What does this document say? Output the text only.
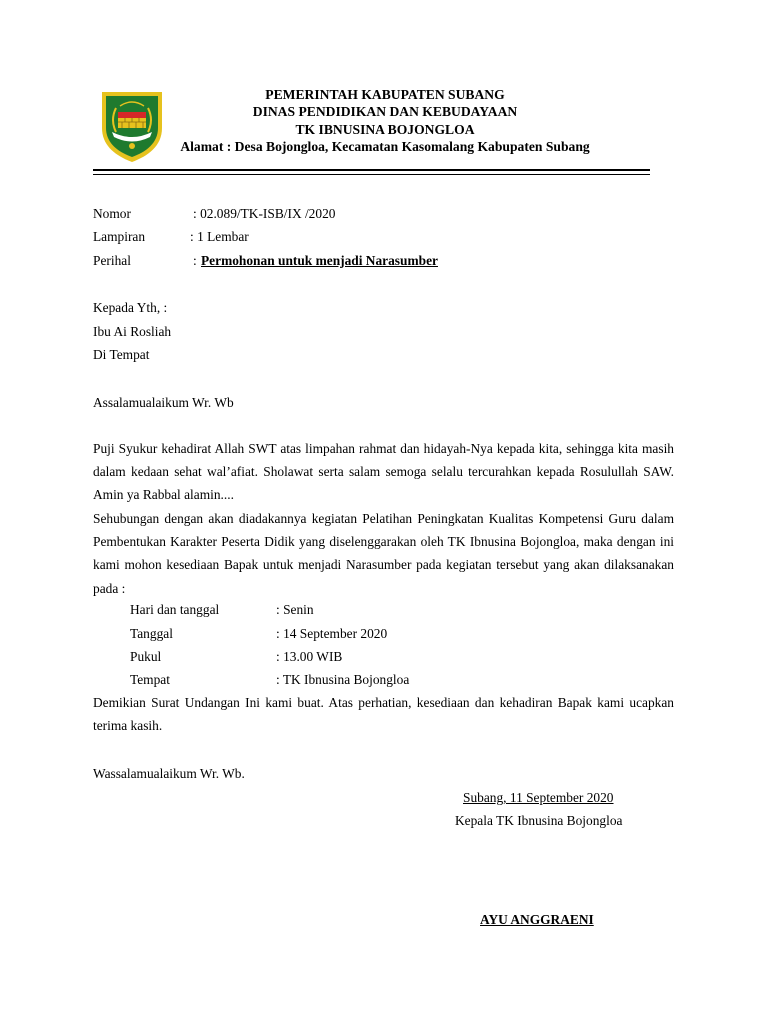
PEMERINTAH KABUPATEN SUBANG
DINAS PENDIDIKAN DAN KEBUDAYAAN
TK IBNUSINA BOJONGLOA
Alamat : Desa Bojongloa, Kecamatan Kasomalang Kabupaten Subang
Nomor	: 02.089/TK-ISB/IX /2020
Lampiran	: 1 Lembar
Perihal	: Permohonan untuk menjadi Narasumber
Kepada Yth, :
Ibu Ai Rosliah
Di Tempat
Assalamualaikum Wr. Wb
Puji Syukur kehadirat Allah SWT atas limpahan rahmat dan hidayah-Nya kepada kita, sehingga kita masih dalam kedaan sehat wal’afiat. Sholawat serta salam semoga selalu tercurahkan kepada Rosulullah SAW. Amin ya Rabbal alamin....
Sehubungan dengan akan diadakannya kegiatan Pelatihan Peningkatan Kualitas Kompetensi Guru dalam Pembentukan Karakter Peserta Didik yang diselenggarakan oleh TK Ibnusina Bojongloa, maka dengan ini kami mohon kesediaan Bapak untuk menjadi Narasumber pada kegiatan tersebut yang akan dilaksanakan pada :
Hari dan tanggal	: Senin
Tanggal	: 14 September 2020
Pukul	: 13.00 WIB
Tempat	: TK Ibnusina Bojongloa
Demikian Surat Undangan Ini kami buat. Atas perhatian, kesediaan dan kehadiran Bapak kami ucapkan terima kasih.
Wassalamualaikum Wr. Wb.
Subang, 11 September 2020
Kepala TK Ibnusina Bojongloa
AYU ANGGRAENI
